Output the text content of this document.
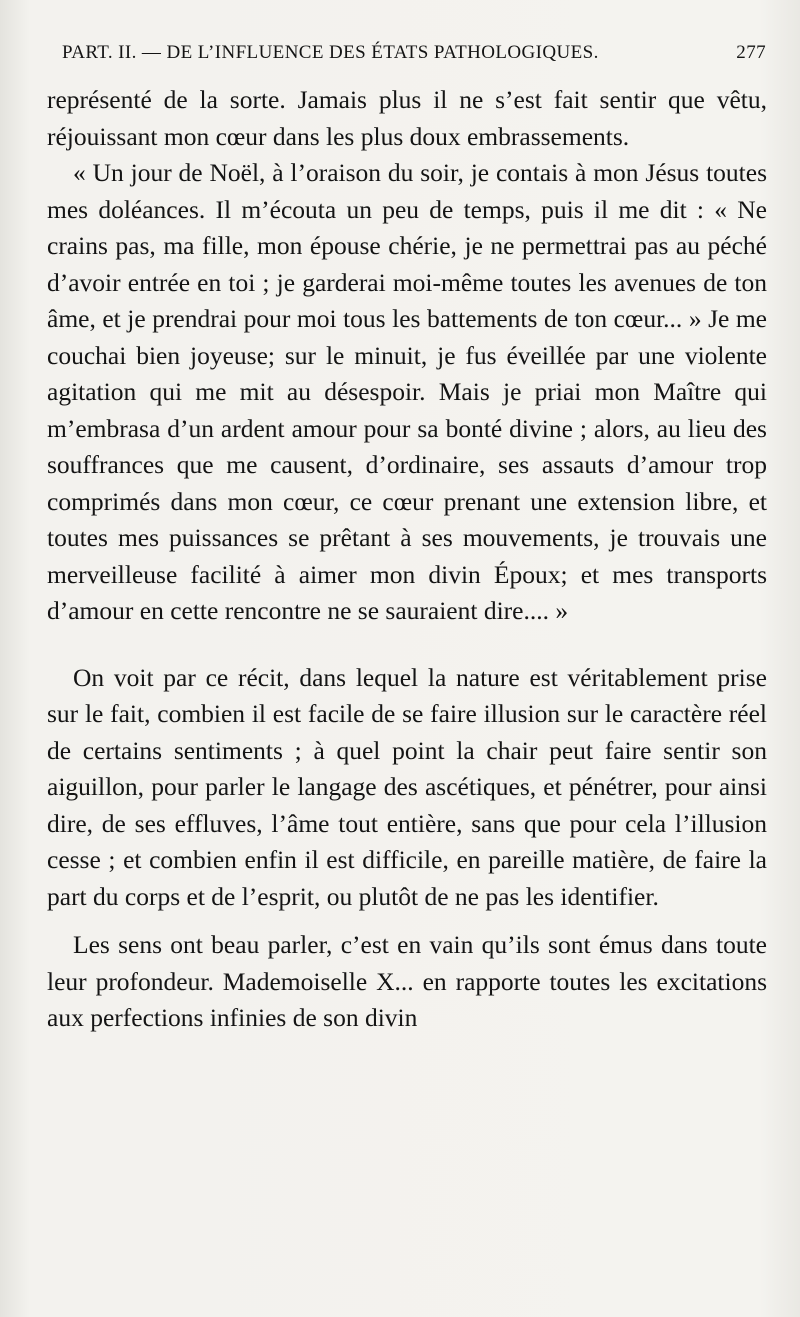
PART. II. — DE L’INFLUENCE DES ÉTATS PATHOLOGIQUES.	277

représenté de la sorte. Jamais plus il ne s’est fait sentir que vêtu, réjouissant mon cœur dans les plus doux embrassements.

« Un jour de Noël, à l’oraison du soir, je contais à mon Jésus toutes mes doléances. Il m’écouta un peu de temps, puis il me dit : « Ne crains pas, ma fille, mon épouse chérie, je ne permettrai pas au péché d’avoir entrée en toi ; je garderai moi-même toutes les avenues de ton âme, et je prendrai pour moi tous les battements de ton cœur... » Je me couchai bien joyeuse; sur le minuit, je fus éveillée par une violente agitation qui me mit au désespoir. Mais je priai mon Maître qui m’embrasa d’un ardent amour pour sa bonté divine ; alors, au lieu des souffrances que me causent, d’ordinaire, ses assauts d’amour trop comprimés dans mon cœur, ce cœur prenant une extension libre, et toutes mes puissances se prêtant à ses mouvements, je trouvais une merveilleuse facilité à aimer mon divin Époux; et mes transports d’amour en cette rencontre ne se sauraient dire.... »

On voit par ce récit, dans lequel la nature est véritablement prise sur le fait, combien il est facile de se faire illusion sur le caractère réel de certains sentiments ; à quel point la chair peut faire sentir son aiguillon, pour parler le langage des ascétiques, et pénétrer, pour ainsi dire, de ses effluves, l’âme tout entière, sans que pour cela l’illusion cesse ; et combien enfin il est difficile, en pareille matière, de faire la part du corps et de l’esprit, ou plutôt de ne pas les identifier.

Les sens ont beau parler, c’est en vain qu’ils sont émus dans toute leur profondeur. Mademoiselle X... en rapporte toutes les excitations aux perfections infinies de son divin
